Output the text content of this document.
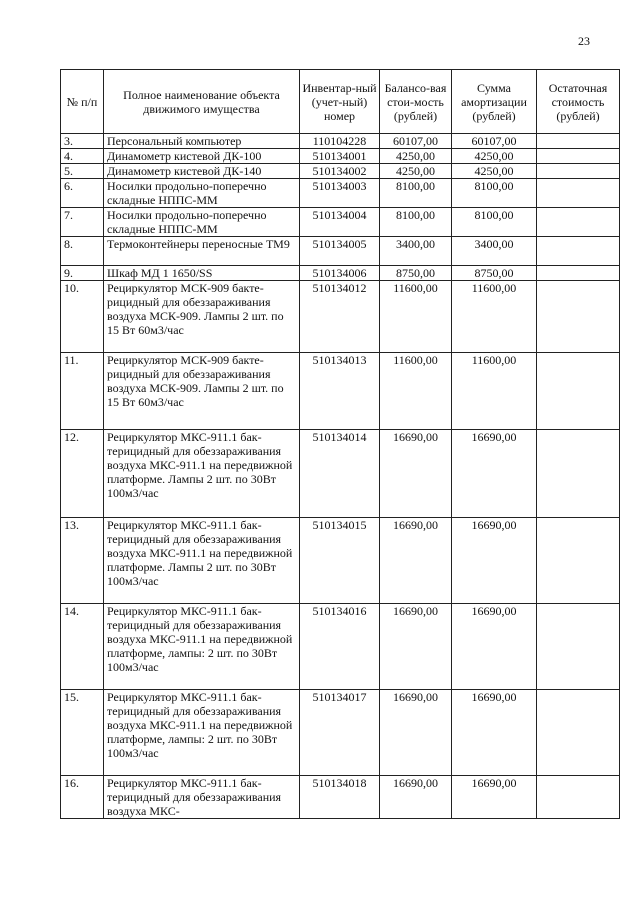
23
№ п/п	Полное наименование объекта движимого имущества	Инвентар-ный (учет-ный) номер	Балансо-вая стои-мость (рублей)	Сумма амортизации (рублей)	Остаточная стоимость (рублей)
3.	Персональный компьютер	110104228	60107,00	60107,00	
4.	Динамометр кистевой ДК-100	510134001	4250,00	4250,00	
5.	Динамометр кистевой ДК-140	510134002	4250,00	4250,00	
6.	Носилки продольно-поперечно складные НППС-ММ	510134003	8100,00	8100,00	
7.	Носилки продольно-поперечно складные НППС-ММ	510134004	8100,00	8100,00	
8.	Термоконтейнеры переносные ТМ9	510134005	3400,00	3400,00	
9.	Шкаф МД 1 1650/SS	510134006	8750,00	8750,00	
10.	Рециркулятор МСК-909 бакте-рицидный для обеззараживания воздуха МСК-909. Лампы 2 шт. по 15 Вт 60м3/час	510134012	11600,00	11600,00	
11.	Рециркулятор МСК-909 бакте-рицидный для обеззараживания воздуха МСК-909. Лампы 2 шт. по 15 Вт 60м3/час	510134013	11600,00	11600,00	
12.	Рециркулятор МКС-911.1 бак-терицидный для обеззараживания воздуха МКС-911.1 на передвижной платформе. Лампы 2 шт. по 30Вт 100м3/час	510134014	16690,00	16690,00	
13.	Рециркулятор МКС-911.1 бак-терицидный для обеззараживания воздуха МКС-911.1 на передвижной платформе. Лампы 2 шт. по 30Вт 100м3/час	510134015	16690,00	16690,00	
14.	Рециркулятор МКС-911.1 бак-терицидный для обеззараживания воздуха МКС-911.1 на передвижной платформе, лампы: 2 шт. по 30Вт 100м3/час	510134016	16690,00	16690,00	
15.	Рециркулятор МКС-911.1 бак-терицидный для обеззараживания воздуха МКС-911.1 на передвижной платформе, лампы: 2 шт. по 30Вт 100м3/час	510134017	16690,00	16690,00	
16.	Рециркулятор МКС-911.1 бак-терицидный для обеззараживания воздуха МКС-	510134018	16690,00	16690,00	
